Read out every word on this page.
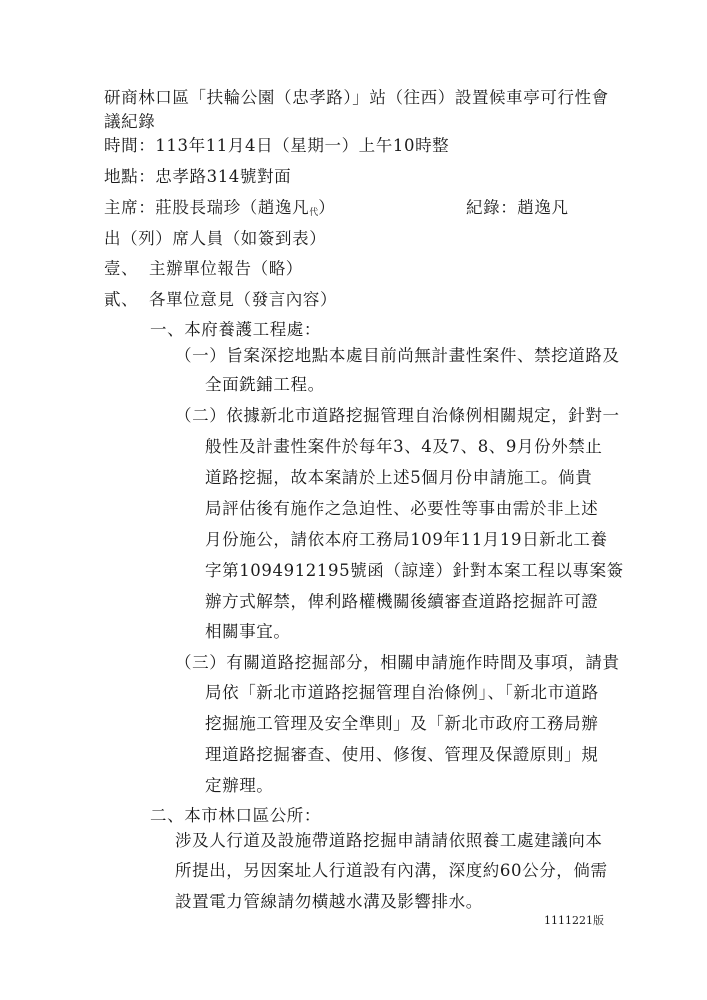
研商林口區「扶輪公園（忠孝路）」站（往西）設置候車亭可行性會
議紀錄
時間：113年11月4日（星期一）上午10時整
地點：忠孝路314號對面
主席：莊股長瑞珍（趙逸凡$_代$）	紀錄：趙逸凡
出（列）席人員（如簽到表）
壹、 主辦單位報告（略）
貳、 各單位意見（發言內容）
一、本府養護工程處：
（一）旨案深挖地點本處目前尚無計畫性案件、禁挖道路及
全面銑鋪工程。
（二）依據新北市道路挖掘管理自治條例相關規定，針對一
般性及計畫性案件於每年3、4及7、8、9月份外禁止
道路挖掘，故本案請於上述5個月份申請施工。倘貴
局評估後有施作之急迫性、必要性等事由需於非上述
月份施公，請依本府工務局109年11月19日新北工養
字第1094912195號函（諒達）針對本案工程以專案簽
辦方式解禁，俾利路權機關後續審查道路挖掘許可證
相關事宜。
（三）有關道路挖掘部分，相關申請施作時間及事項，請貴
局依「新北市道路挖掘管理自治條例」、「新北市道路
挖掘施工管理及安全準則」及「新北市政府工務局辦
理道路挖掘審查、使用、修復、管理及保證原則」規
定辦理。
二、本市林口區公所：
涉及人行道及設施帶道路挖掘申請請依照養工處建議向本
所提出，另因案址人行道設有內溝，深度約60公分，倘需
設置電力管線請勿橫越水溝及影響排水。
1111221版
